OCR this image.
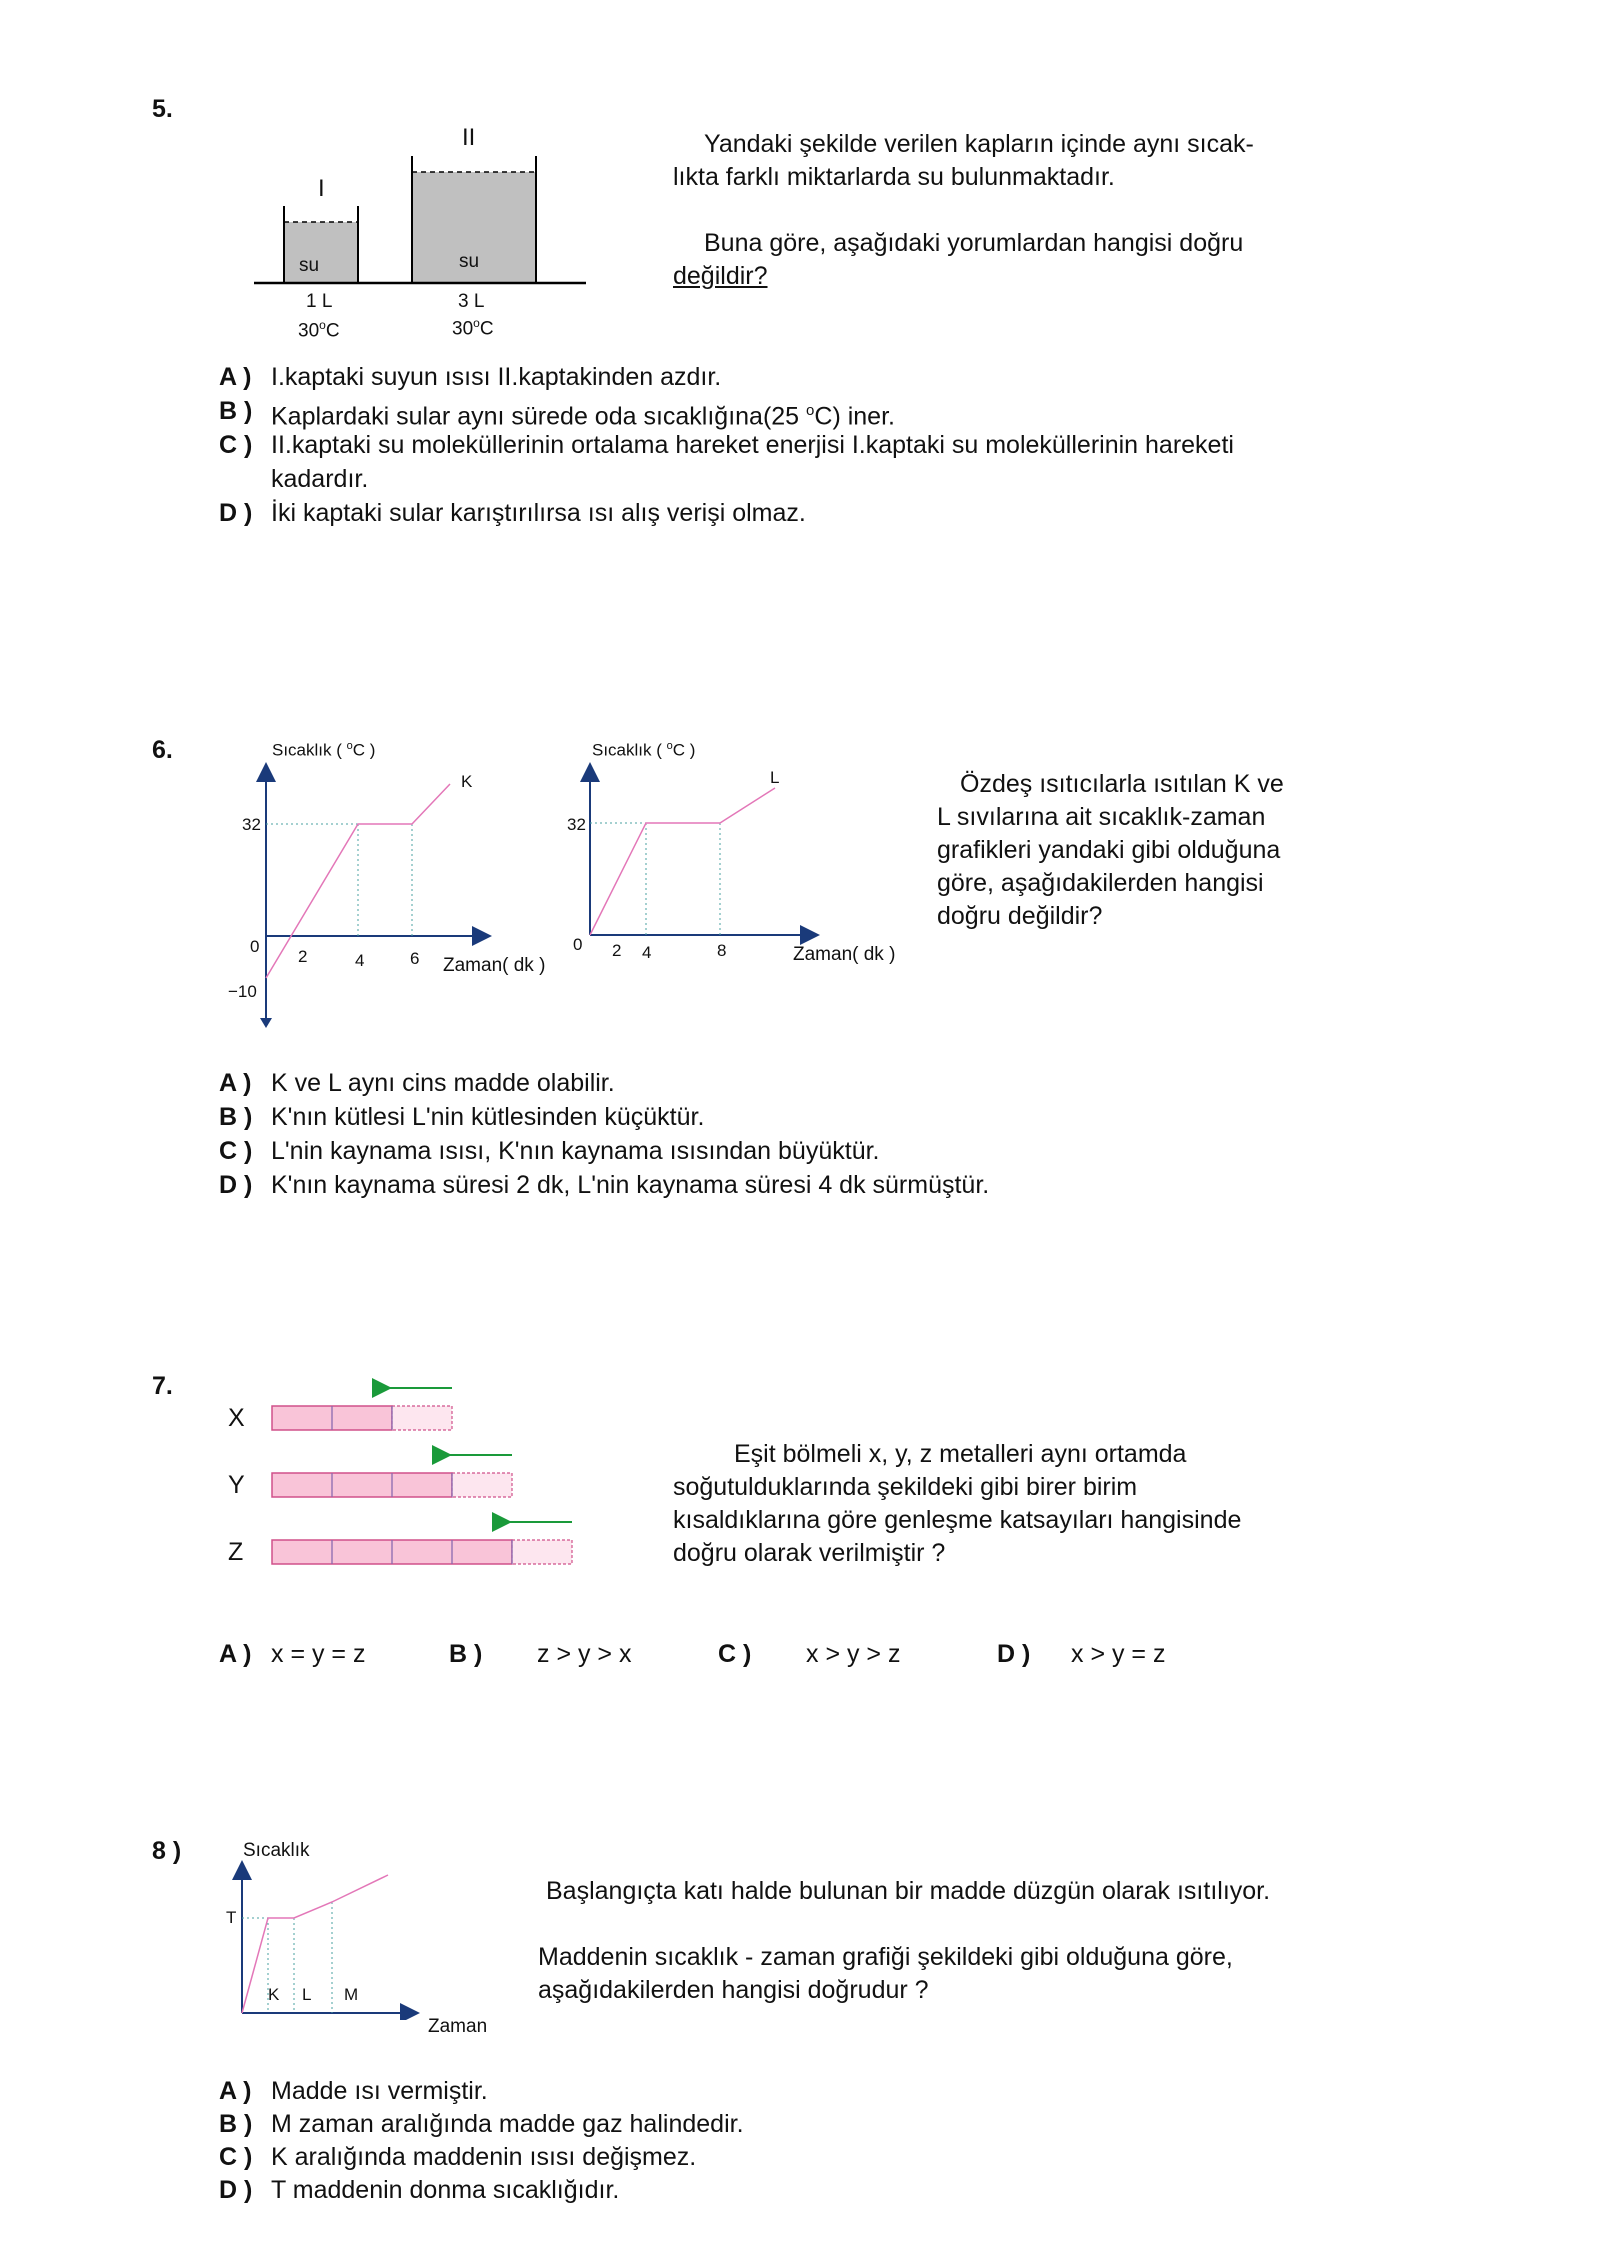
5.
I
II
su	su
1 L	3 L
30$^o$C	30$^o$C
Yandaki şekilde verilen kapların içinde aynı sıcak-
lıkta farklı miktarlarda su bulunmaktadır.
Buna göre, aşağıdaki yorumlardan hangisi doğru
değildir?
A ) I.kaptaki suyun ısısı II.kaptakinden azdır.
B ) Kaplardaki sular aynı sürede oda sıcaklığına(25 $^o$C) iner.
C ) II.kaptaki su moleküllerinin ortalama hareket enerjisi I.kaptaki su moleküllerinin hareketi
kadardır.
D ) İki kaptaki sular karıştırılırsa ısı alış verişi olmaz.
6.	Sıcaklık ( $^o$C )
K
32
0
−10
2	4	6 Zaman( dk )
Sıcaklık ( $^o$C )
L
32
0 2 4	8	Zaman( dk )
Özdeş ısıtıcılarla ısıtılan K ve
L sıvılarına ait sıcaklık-zaman
grafikleri yandaki gibi olduğuna
göre, aşağıdakilerden hangisi
doğru değildir?
A ) K ve L aynı cins madde olabilir.
B ) K'nın kütlesi L'nin kütlesinden küçüktür.
C ) L'nin kaynama ısısı, K'nın kaynama ısısından büyüktür.
D ) K'nın kaynama süresi 2 dk, L'nin kaynama süresi 4 dk sürmüştür.
7.
X
Y
Z
Eşit bölmeli x, y, z metalleri aynı ortamda
soğutulduklarında şekildeki gibi birer birim
kısaldıklarına göre genleşme katsayıları hangisinde
doğru olarak verilmiştir ?
A ) x = y = z	B ) z > y > x	C ) x > y > z	D ) x > y = z
8 )	Sıcaklık
T
K L M
Zaman
Başlangıçta katı halde bulunan bir madde düzgün olarak ısıtılıyor.
Maddenin sıcaklık - zaman grafiği şekildeki gibi olduğuna göre,
aşağıdakilerden hangisi doğrudur ?
A ) Madde ısı vermiştir.
B ) M zaman aralığında madde gaz halindedir.
C ) K aralığında maddenin ısısı değişmez.
D ) T maddenin donma sıcaklığıdır.
